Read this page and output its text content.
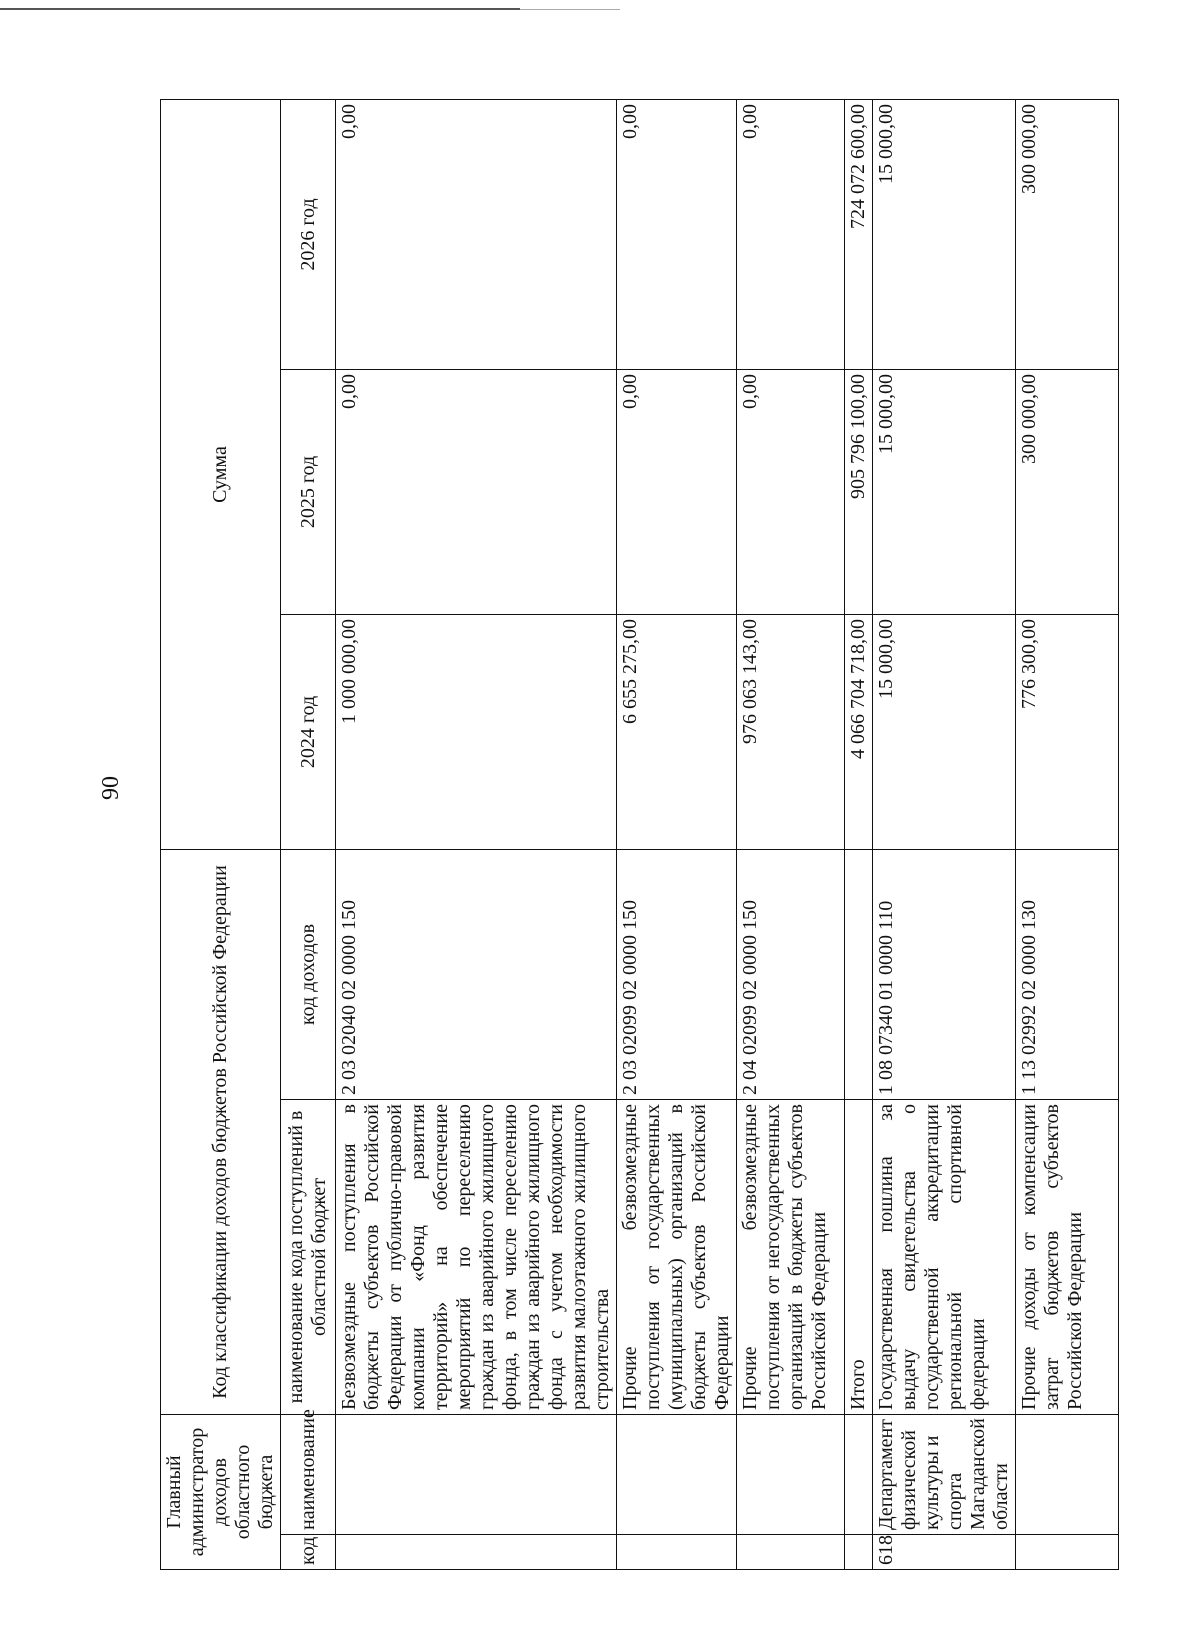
90
Главный администратор доходов областного бюджета		Код классификации доходов бюджетов Российской Федерации		Сумма		
код	наименование	наименование кода поступлений в областной бюджет	код доходов	2024 год	2025 год	2026 год
		Безвозмездные поступления в бюджеты субъектов Российской Федерации от публично-правовой компании «Фонд развития территорий» на обеспечение мероприятий по переселению граждан из аварийного жилищного фонда, в том числе переселению граждан из аварийного жилищного фонда с учетом необходимости развития малоэтажного жилищного строительства	2 03 02040 02 0000 150	1 000 000,00	0,00	0,00
		Прочие безвозмездные поступления от государственных (муниципальных) организаций в бюджеты субъектов Российской Федерации	2 03 02099 02 0000 150	6 655 275,00	0,00	0,00
		Прочие безвозмездные поступления от негосударственных организаций в бюджеты субъектов Российской Федерации	2 04 02099 02 0000 150	976 063 143,00	0,00	0,00
		Итого		4 066 704 718,00	905 796 100,00	724 072 600,00
618	Департамент физической культуры и спорта Магаданской области	Государственная пошлина за выдачу свидетельства о государственной аккредитации региональной спортивной федерации	1 08 07340 01 0000 110	15 000,00	15 000,00	15 000,00
		Прочие доходы от компенсации затрат бюджетов субъектов Российской Федерации	1 13 02992 02 0000 130	776 300,00	300 000,00	300 000,00
